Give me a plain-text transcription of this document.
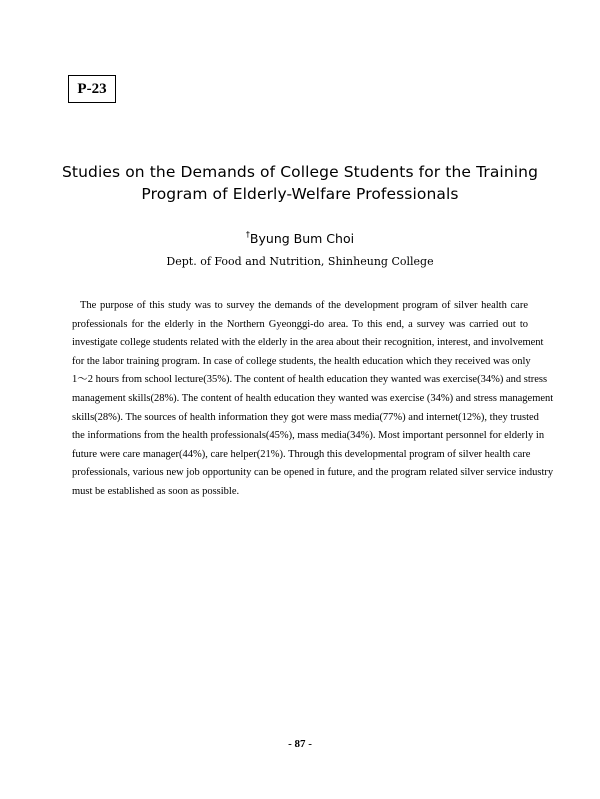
P-23
Studies on the Demands of College Students for the Training
Program of Elderly-Welfare Professionals
†Byung Bum Choi
Dept. of Food and Nutrition, Shinheung College
The purpose of this study was to survey the demands of the development program of silver health care
professionals for the elderly in the Northern Gyeonggi-do area. To this end, a survey was carried out to
investigate college students related with the elderly in the area about their recognition, interest, and involvement
for the labor training program. In case of college students, the health education which they received was only
1～2 hours from school lecture(35%). The content of health education they wanted was exercise(34%) and stress
management skills(28%). The content of health education they wanted was exercise (34%) and stress management
skills(28%). The sources of health information they got were mass media(77%) and internet(12%), they trusted
the informations from the health professionals(45%), mass media(34%). Most important personnel for elderly in
future were care manager(44%), care helper(21%). Through this developmental program of silver health care
professionals, various new job opportunity can be opened in future, and the program related silver service industry
must be established as soon as possible.
- 87 -
